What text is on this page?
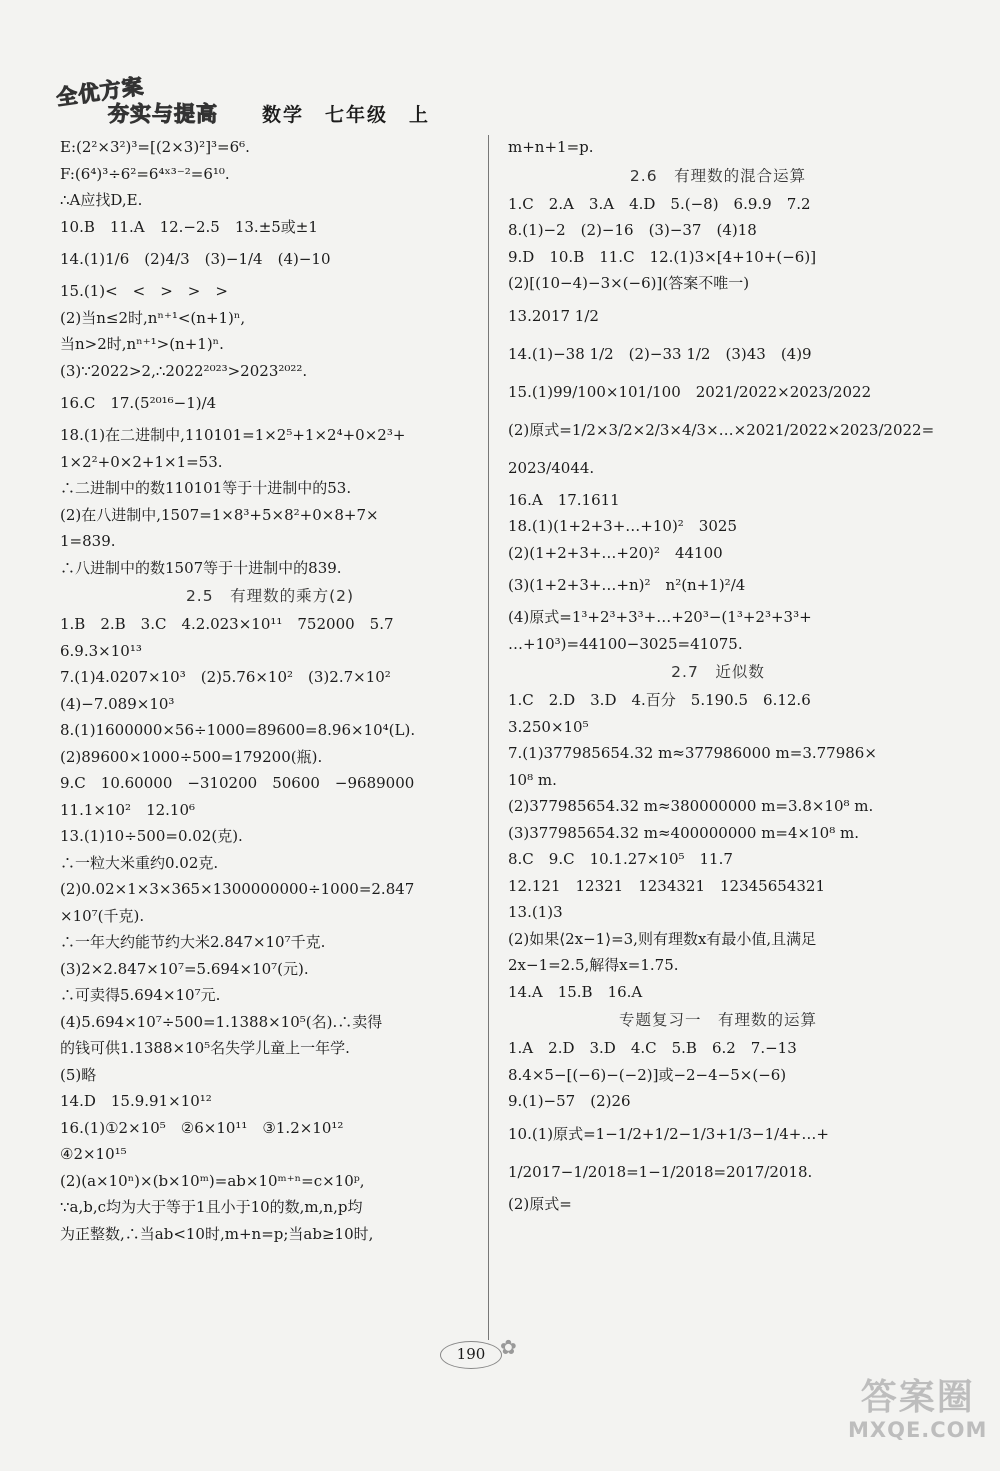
全优方案
夯实与提高 数学　七年级　上
E:(2²×3²)³=[(2×3)²]³=6⁶.
F:(6⁴)³÷6²=6⁴ˣ³⁻²=6¹⁰.
∴A应找D,E.
10.B　11.A　12.−2.5　13.±5或±1
14.(1)1/6　(2)4/3　(3)−1/4　(4)−10
15.(1)<　<　>　>　>
(2)当n≤2时,nⁿ⁺¹<(n+1)ⁿ,
当n>2时,nⁿ⁺¹>(n+1)ⁿ.
(3)∵2022>2,∴2022²⁰²³>2023²⁰²².
16.C　17.(5²⁰¹⁶−1)/4
18.(1)在二进制中,110101=1×2⁵+1×2⁴+0×2³+
1×2²+0×2+1×1=53.
∴二进制中的数110101等于十进制中的53.
(2)在八进制中,1507=1×8³+5×8²+0×8+7×
1=839.
∴八进制中的数1507等于十进制中的839.
2.5　有理数的乘方(2)
1.B　2.B　3.C　4.2.023×10¹¹　752000　5.7
6.9.3×10¹³
7.(1)4.0207×10³　(2)5.76×10²　(3)2.7×10²
(4)−7.089×10³
8.(1)1600000×56÷1000=89600=8.96×10⁴(L).
(2)89600×1000÷500=179200(瓶).
9.C　10.60000　−310200　50600　−9689000
11.1×10²　12.10⁶
13.(1)10÷500=0.02(克).
∴一粒大米重约0.02克.
(2)0.02×1×3×365×1300000000÷1000=2.847
×10⁷(千克).
∴一年大约能节约大米2.847×10⁷千克.
(3)2×2.847×10⁷=5.694×10⁷(元).
∴可卖得5.694×10⁷元.
(4)5.694×10⁷÷500=1.1388×10⁵(名).∴卖得
的钱可供1.1388×10⁵名失学儿童上一年学.
(5)略
14.D　15.9.91×10¹²
16.(1)①2×10⁵　②6×10¹¹　③1.2×10¹²
④2×10¹⁵
(2)(a×10ⁿ)×(b×10ᵐ)=ab×10ᵐ⁺ⁿ=c×10ᵖ,
∵a,b,c均为大于等于1且小于10的数,m,n,p均
为正整数,∴当ab<10时,m+n=p;当ab≥10时,
m+n+1=p.
2.6　有理数的混合运算
1.C　2.A　3.A　4.D　5.(−8)　6.9.9　7.2
8.(1)−2　(2)−16　(3)−37　(4)18
9.D　10.B　11.C　12.(1)3×[4+10+(−6)]
(2)[(10−4)−3×(−6)](答案不唯一)
13.2017 1/2
14.(1)−38 1/2　(2)−33 1/2　(3)43　(4)9
15.(1)99/100×101/100　2021/2022×2023/2022
(2)原式=1/2×3/2×2/3×4/3×…×2021/2022×2023/2022=
2023/4044.
16.A　17.1611
18.(1)(1+2+3+…+10)²　3025
(2)(1+2+3+…+20)²　44100
(3)(1+2+3+…+n)²　n²(n+1)²/4
(4)原式=1³+2³+3³+…+20³−(1³+2³+3³+
…+10³)=44100−3025=41075.
2.7　近似数
1.C　2.D　3.D　4.百分　5.190.5　6.12.6
3.250×10⁵
7.(1)377985654.32 m≈377986000 m=3.77986×
10⁸ m.
(2)377985654.32 m≈380000000 m=3.8×10⁸ m.
(3)377985654.32 m≈400000000 m=4×10⁸ m.
8.C　9.C　10.1.27×10⁵　11.7
12.121　12321　1234321　12345654321
13.(1)3
(2)如果⟨2x−1⟩=3,则有理数x有最小值,且满足
2x−1=2.5,解得x=1.75.
14.A　15.B　16.A
专题复习一　有理数的运算
1.A　2.D　3.D　4.C　5.B　6.2　7.−13
8.4×5−[(−6)−(−2)]或−2−4−5×(−6)
9.(1)−57　(2)26
10.(1)原式=1−1/2+1/2−1/3+1/3−1/4+…+
1/2017−1/2018=1−1/2018=2017/2018.
(2)原式=
190 ✿
答案圈
MXQE.COM
